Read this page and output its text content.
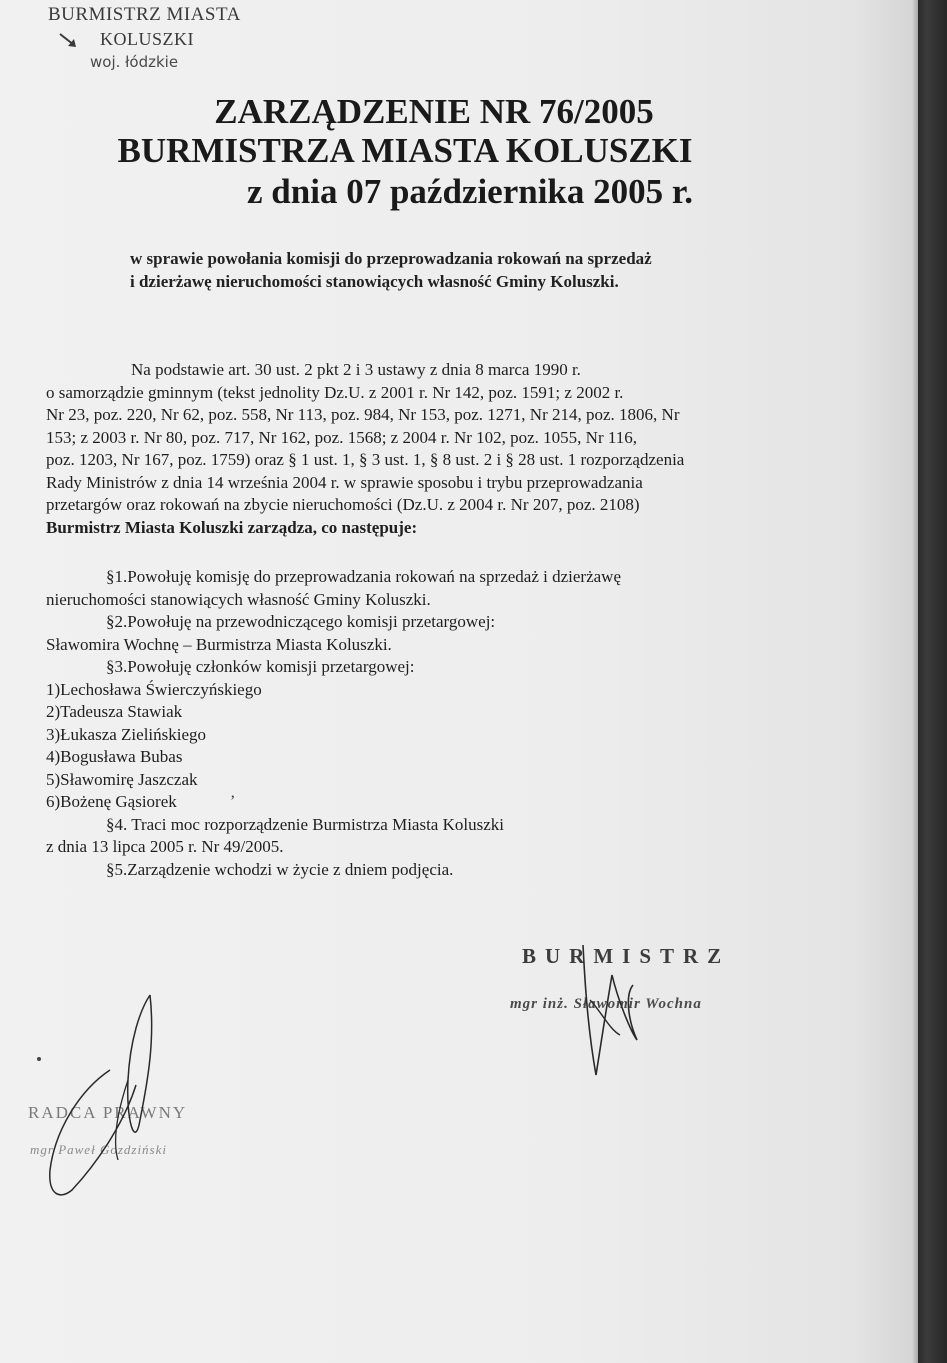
BURMISTRZ MIASTA
KOLUSZKI
woj. łódzkie
ZARZĄDZENIE NR 76/2005
BURMISTRZA MIASTA KOLUSZKI
z dnia 07 października 2005 r.
w sprawie powołania komisji do przeprowadzania rokowań na sprzedaż
i dzierżawę nieruchomości stanowiących własność Gminy Koluszki.
Na podstawie art. 30 ust. 2 pkt 2 i 3 ustawy z dnia 8 marca 1990 r.
o samorządzie gminnym (tekst jednolity Dz.U. z 2001 r. Nr 142, poz. 1591; z 2002 r.
Nr 23, poz. 220, Nr 62, poz. 558, Nr 113, poz. 984, Nr 153, poz. 1271, Nr 214, poz. 1806, Nr
153; z 2003 r. Nr 80, poz. 717, Nr 162, poz. 1568; z 2004 r. Nr 102, poz. 1055, Nr 116,
poz. 1203, Nr 167, poz. 1759) oraz § 1 ust. 1, § 3 ust. 1, § 8 ust. 2 i § 28 ust. 1 rozporządzenia
Rady Ministrów z dnia 14 września 2004 r. w sprawie sposobu i trybu przeprowadzania
przetargów oraz rokowań na zbycie nieruchomości (Dz.U. z 2004 r. Nr 207, poz. 2108)
Burmistrz Miasta Koluszki zarządza, co następuje:
§1.Powołuję komisję do przeprowadzania rokowań na sprzedaż i dzierżawę
nieruchomości stanowiących własność Gminy Koluszki.
§2.Powołuję na przewodniczącego komisji przetargowej:
Sławomira Wochnę – Burmistrza Miasta Koluszki.
§3.Powołuję członków komisji przetargowej:
1)Lechosława Świerczyńskiego
2)Tadeusza Stawiak
3)Łukasza Zielińskiego
4)Bogusława Bubas
5)Sławomirę Jaszczak
6)Bożenę Gąsiorek
§4. Traci moc rozporządzenie Burmistrza Miasta Koluszki
z dnia 13 lipca 2005 r. Nr 49/2005.
§5.Zarządzenie wchodzi w życie z dniem podjęcia.
ʼ
BURMISTRZ
mgr inż. Sławomir Wochna
RADCA PRAWNY
mgr Paweł Gozdziński
